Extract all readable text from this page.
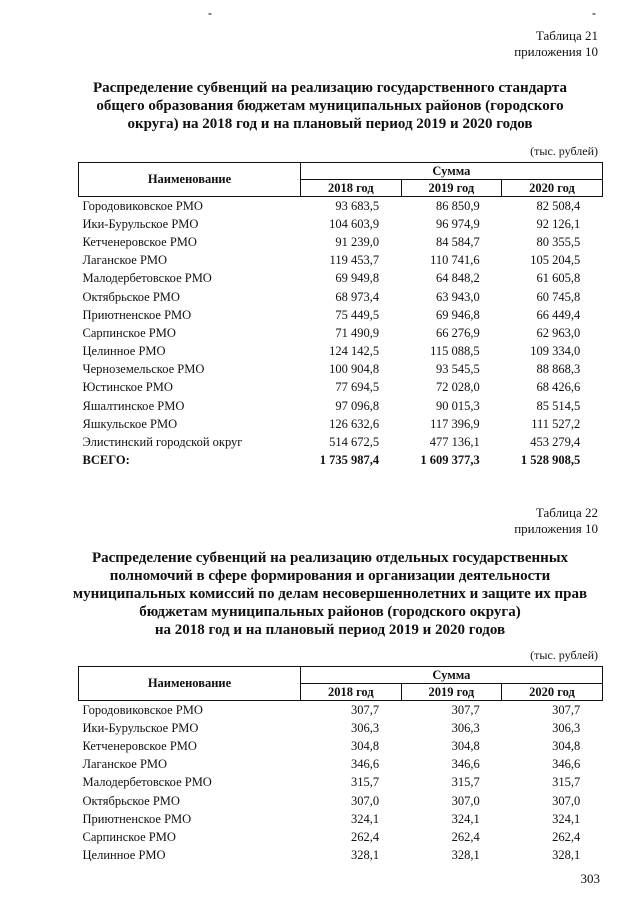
-	-
Таблица 21
приложения 10
Распределение субвенций на реализацию государственного стандарта
общего образования бюджетам муниципальных районов (городского
округа) на 2018 год и на плановый период 2019 и 2020 годов
(тыс. рублей)
Наименование	Сумма		
	2018 год	2019 год	2020 год
Городовиковское РМО	93 683,5	86 850,9	82 508,4
Ики-Бурульское РМО	104 603,9	96 974,9	92 126,1
Кетченеровское РМО	91 239,0	84 584,7	80 355,5
Лаганское РМО	119 453,7	110 741,6	105 204,5
Малодербетовское РМО	69 949,8	64 848,2	61 605,8
Октябрьское РМО	68 973,4	63 943,0	60 745,8
Приютненское РМО	75 449,5	69 946,8	66 449,4
Сарпинское РМО	71 490,9	66 276,9	62 963,0
Целинное РМО	124 142,5	115 088,5	109 334,0
Черноземельское РМО	100 904,8	93 545,5	88 868,3
Юстинское РМО	77 694,5	72 028,0	68 426,6
Яшалтинское РМО	97 096,8	90 015,3	85 514,5
Яшкульское РМО	126 632,6	117 396,9	111 527,2
Элистинский городской округ	514 672,5	477 136,1	453 279,4
ВСЕГО:	1 735 987,4	1 609 377,3	1 528 908,5
Таблица 22
приложения 10
Распределение субвенций на реализацию отдельных государственных
полномочий в сфере формирования и организации деятельности
муниципальных комиссий по делам несовершеннолетних и защите их прав
бюджетам муниципальных районов (городского округа)
на 2018 год и на плановый период 2019 и 2020 годов
(тыс. рублей)
Наименование	Сумма		
	2018 год	2019 год	2020 год
Городовиковское РМО	307,7	307,7	307,7
Ики-Бурульское РМО	306,3	306,3	306,3
Кетченеровское РМО	304,8	304,8	304,8
Лаганское РМО	346,6	346,6	346,6
Малодербетовское РМО	315,7	315,7	315,7
Октябрьское РМО	307,0	307,0	307,0
Приютненское РМО	324,1	324,1	324,1
Сарпинское РМО	262,4	262,4	262,4
Целинное РМО	328,1	328,1	328,1
303
